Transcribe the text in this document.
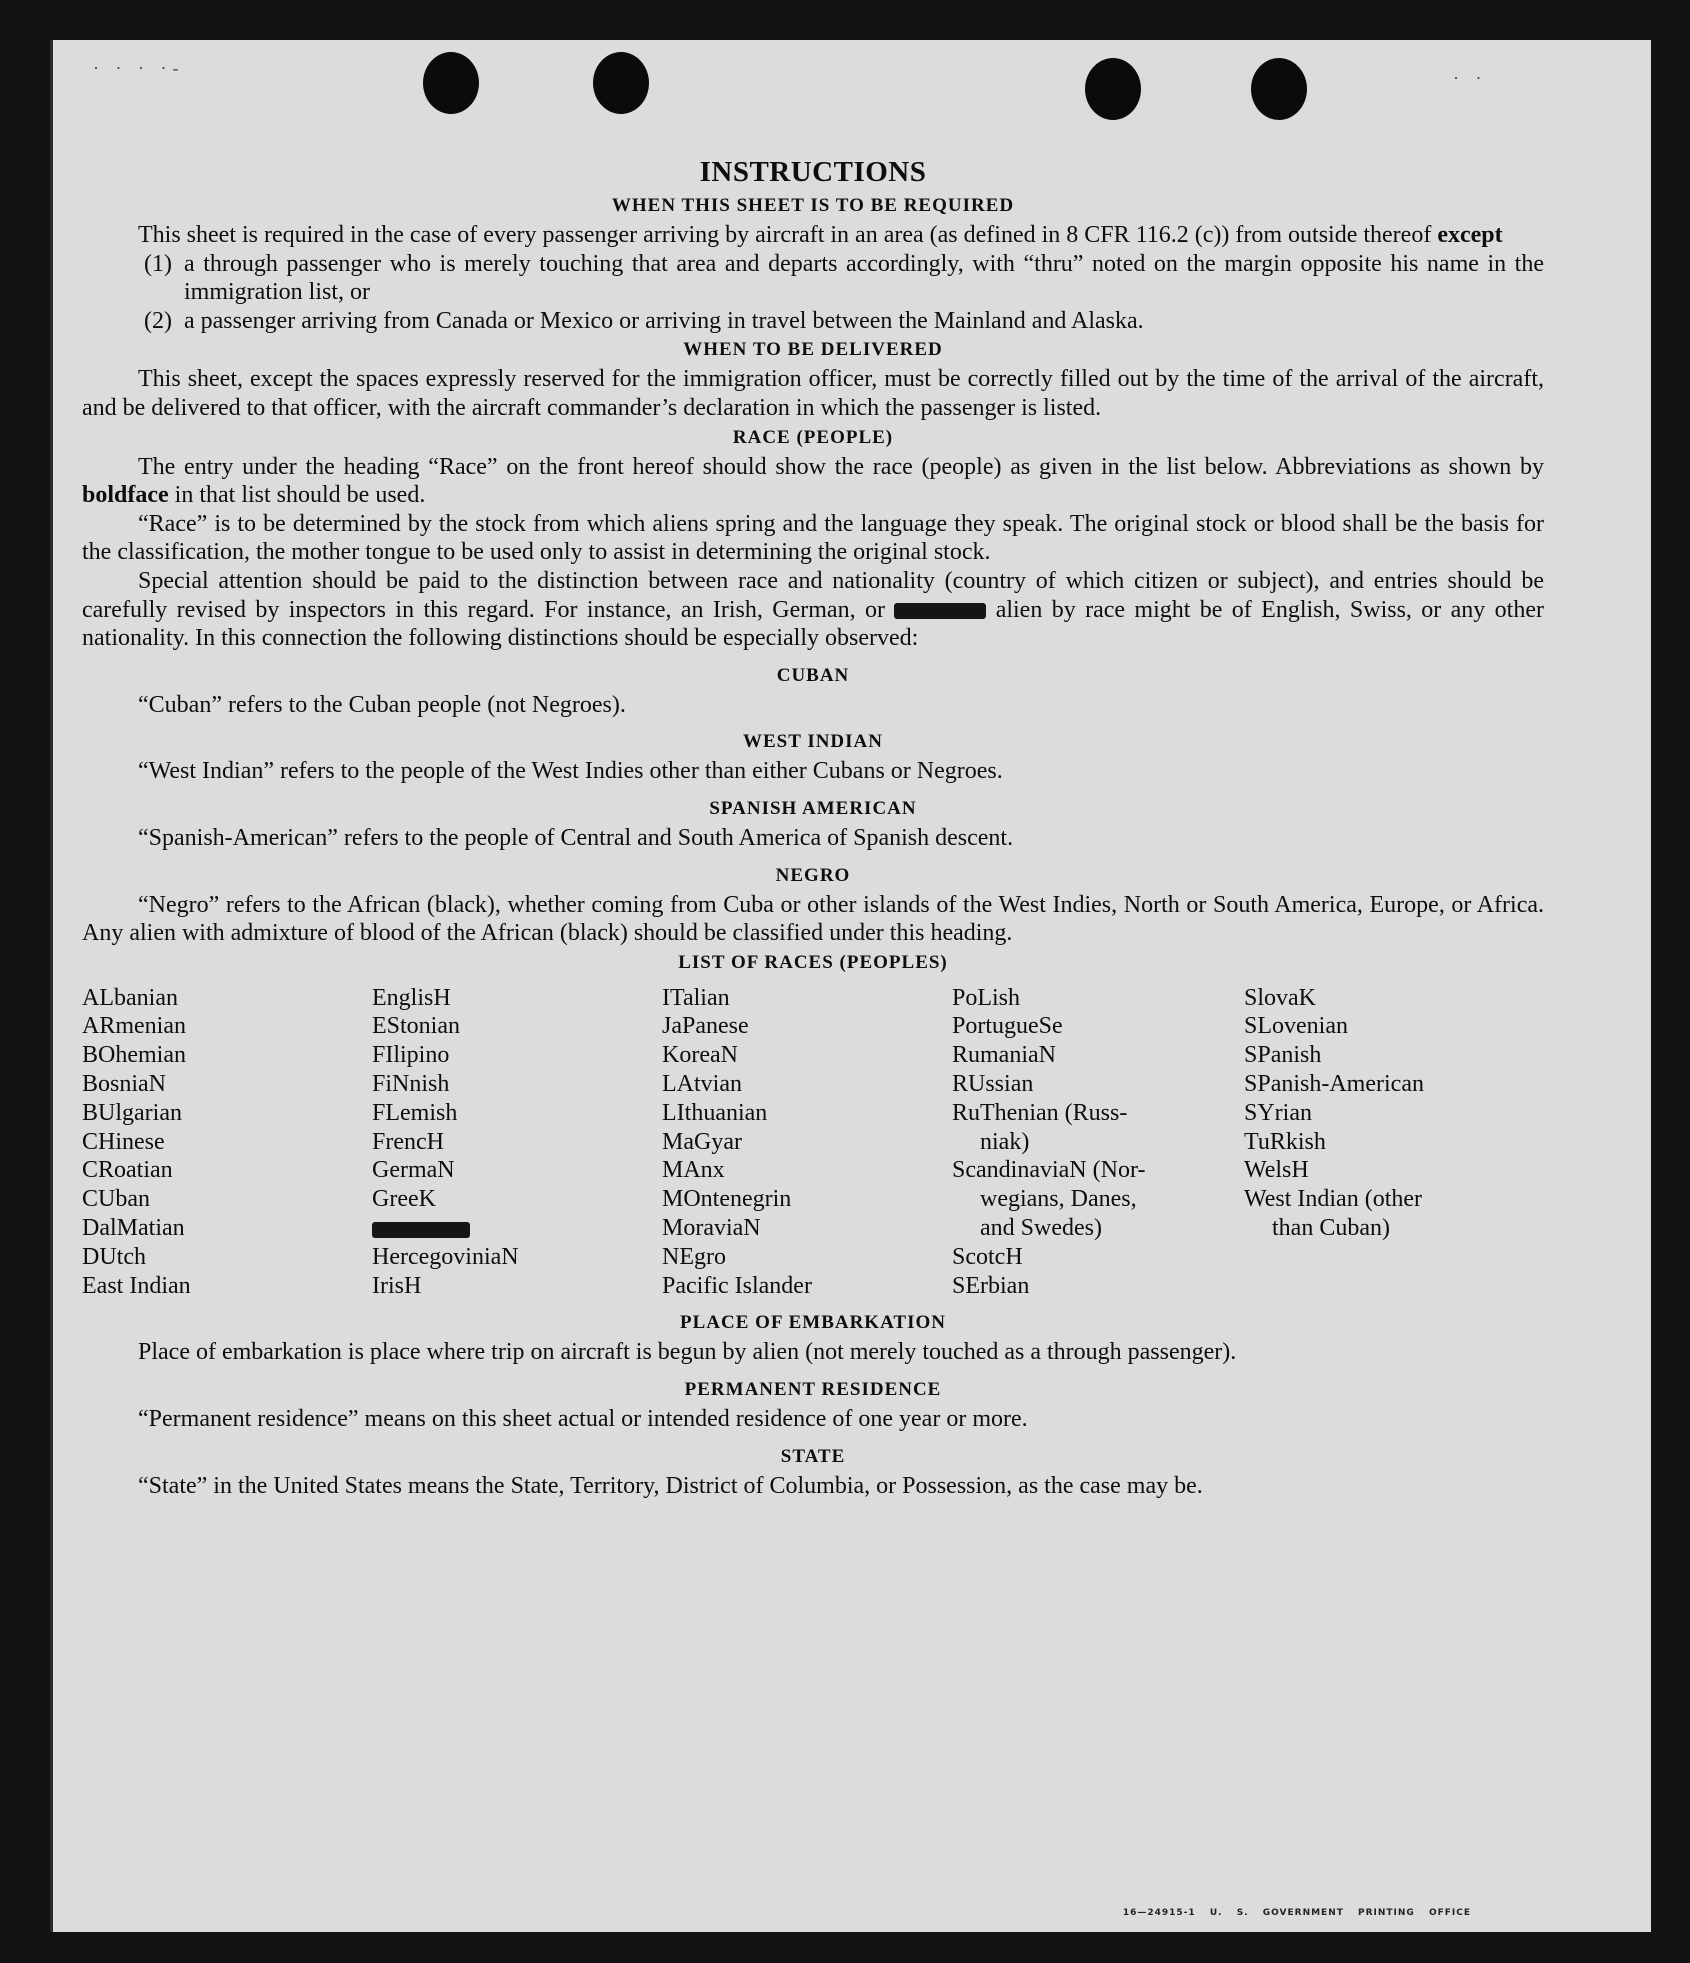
· · · ·-	· ·
INSTRUCTIONS
WHEN THIS SHEET IS TO BE REQUIRED

This sheet is required in the case of every passenger arriving by aircraft in an area (as defined in 8 CFR 116.2 (c)) from outside thereof except

(1) a through passenger who is merely touching that area and departs accordingly, with “thru” noted on the margin opposite his name in the immigration list, or
(2) a passenger arriving from Canada or Mexico or arriving in travel between the Mainland and Alaska.
WHEN TO BE DELIVERED

This sheet, except the spaces expressly reserved for the immigration officer, must be correctly filled out by the time of the arrival of the aircraft, and be delivered to that officer, with the aircraft commander’s declaration in which the passenger is listed.

RACE (PEOPLE)

The entry under the heading “Race” on the front hereof should show the race (people) as given in the list below. Abbreviations as shown by boldface in that list should be used.

“Race” is to be determined by the stock from which aliens spring and the language they speak. The original stock or blood shall be the basis for the classification, the mother tongue to be used only to assist in determining the original stock.

Special attention should be paid to the distinction between race and nationality (country of which citizen or subject), and entries should be carefully revised by inspectors in this regard. For instance, an Irish, German, or	alien by race might be of English, Swiss, or any other nationality. In this connection the following distinctions should be especially observed:

CUBAN

“Cuban” refers to the Cuban people (not Negroes).

WEST INDIAN

“West Indian” refers to the people of the West Indies other than either Cubans or Negroes.

SPANISH AMERICAN

“Spanish-American” refers to the people of Central and South America of Spanish descent.

NEGRO

“Negro” refers to the African (black), whether coming from Cuba or other islands of the West Indies, North or South America, Europe, or Africa. Any alien with admixture of blood of the African (black) should be classified under this heading.

LIST OF RACES (PEOPLES)
ALbanian
ARmenian
BOhemian
BosniaN
BUlgarian
CHinese
CRoatian
CUban
DalMatian
DUtch
East Indian
EnglisH
EStonian
FIlipino
FiNnish
FLemish
FrencH
GermaN
GreeK
HercegoviniaN
IrisH
ITalian
JaPanese
KoreaN
LAtvian
LIthuanian
MaGyar
MAnx
MOntenegrin
MoraviaN
NEgro
Pacific Islander
PoLish
PortugueSe
RumaniaN
RUssian
RuThenian (Russ-
niak)
ScandinaviaN (Nor-
wegians, Danes,
and Swedes)
ScotcH
SErbian
SlovaK
SLovenian
SPanish
SPanish-American
SYrian
TuRkish
WelsH
West Indian (other
than Cuban)
PLACE OF EMBARKATION

Place of embarkation is place where trip on aircraft is begun by alien (not merely touched as a through passenger).

PERMANENT RESIDENCE

“Permanent residence” means on this sheet actual or intended residence of one year or more.

STATE

“State” in the United States means the State, Territory, District of Columbia, or Possession, as the case may be.

16—24915-1 U. S. GOVERNMENT PRINTING OFFICE
